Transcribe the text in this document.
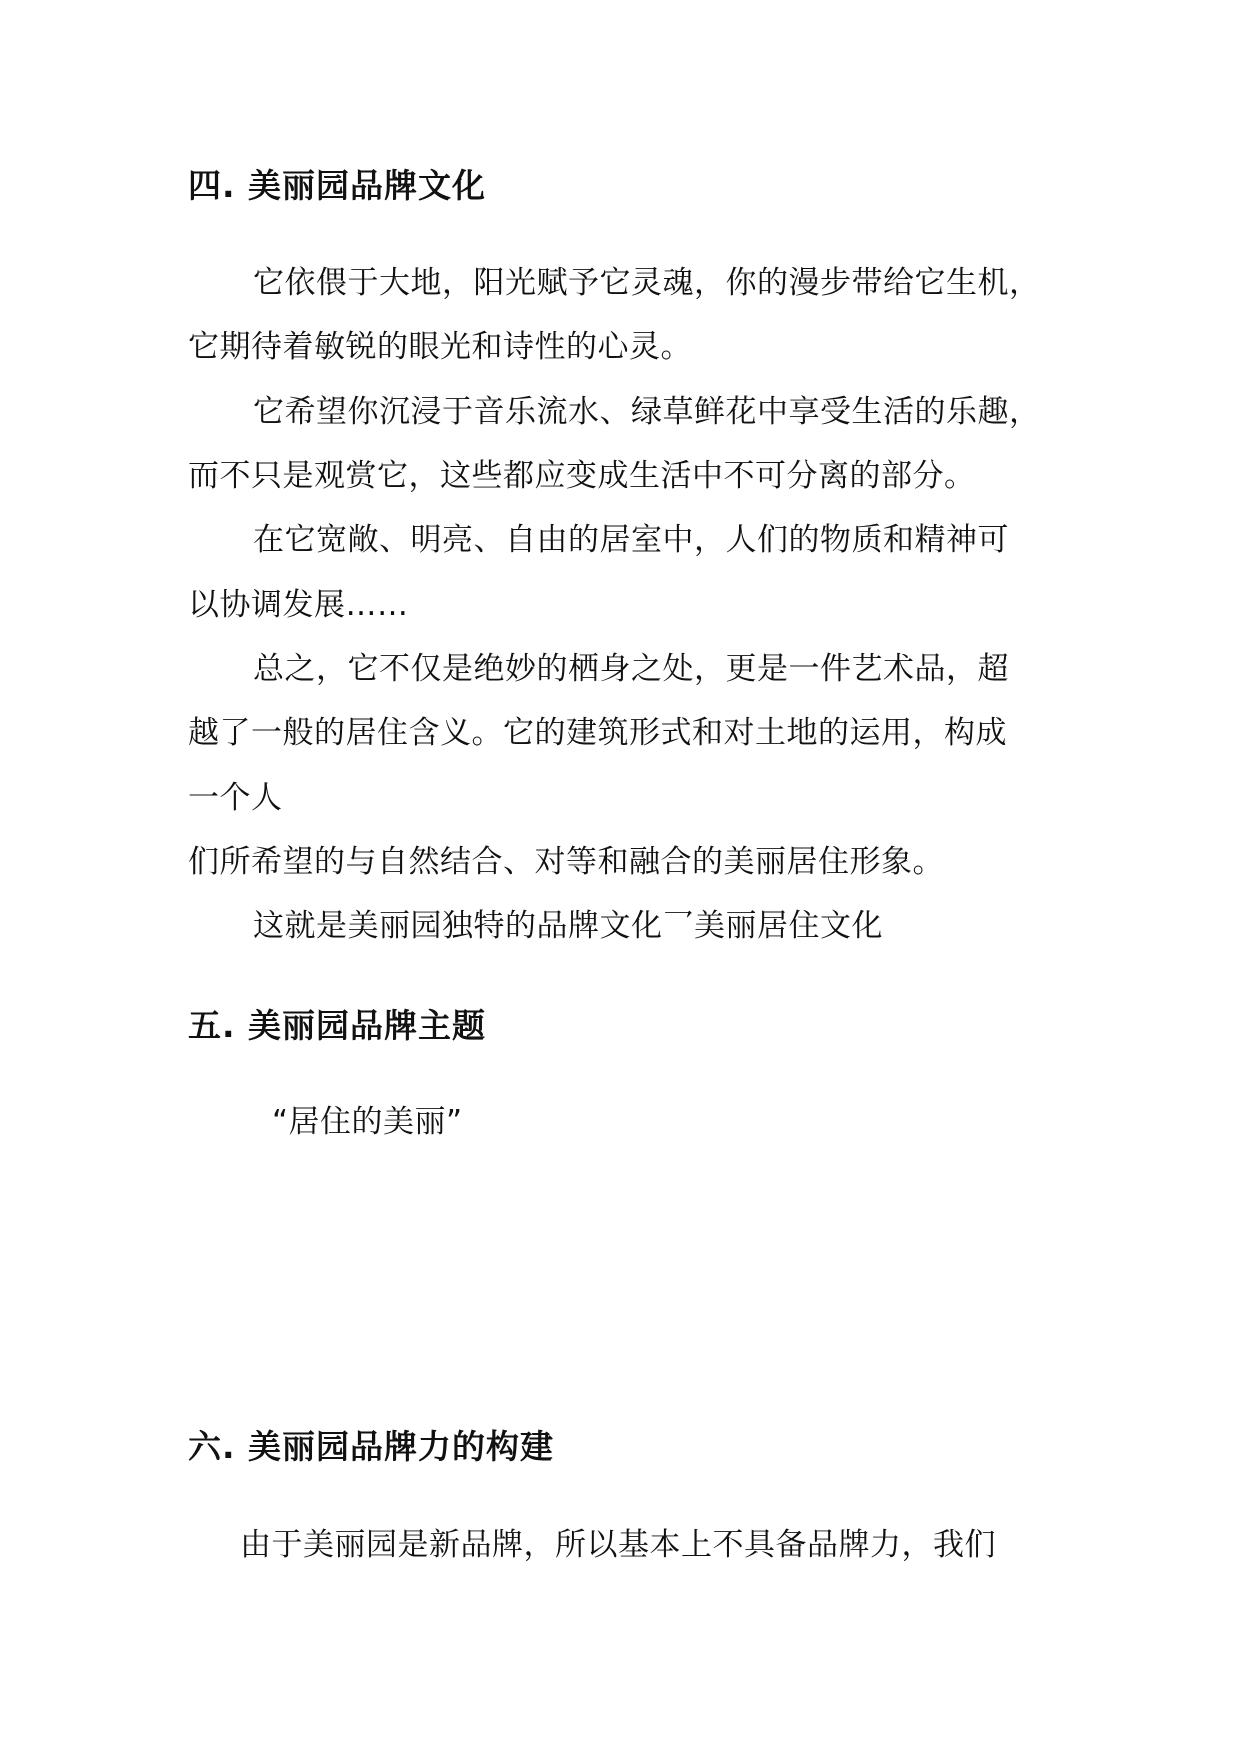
四. 美丽园品牌文化
它依偎于大地，阳光赋予它灵魂，你的漫步带给它生机，
它期待着敏锐的眼光和诗性的心灵。
它希望你沉浸于音乐流水、绿草鲜花中享受生活的乐趣，
而不只是观赏它，这些都应变成生活中不可分离的部分。
在它宽敞、明亮、自由的居室中，人们的物质和精神可
以协调发展……
总之，它不仅是绝妙的栖身之处，更是一件艺术品，超
越了一般的居住含义。它的建筑形式和对土地的运用，构成
一个人
们所希望的与自然结合、对等和融合的美丽居住形象。
这就是美丽园独特的品牌文化乛美丽居住文化
五. 美丽园品牌主题
“居住的美丽”
六. 美丽园品牌力的构建
由于美丽园是新品牌，所以基本上不具备品牌力，我们
